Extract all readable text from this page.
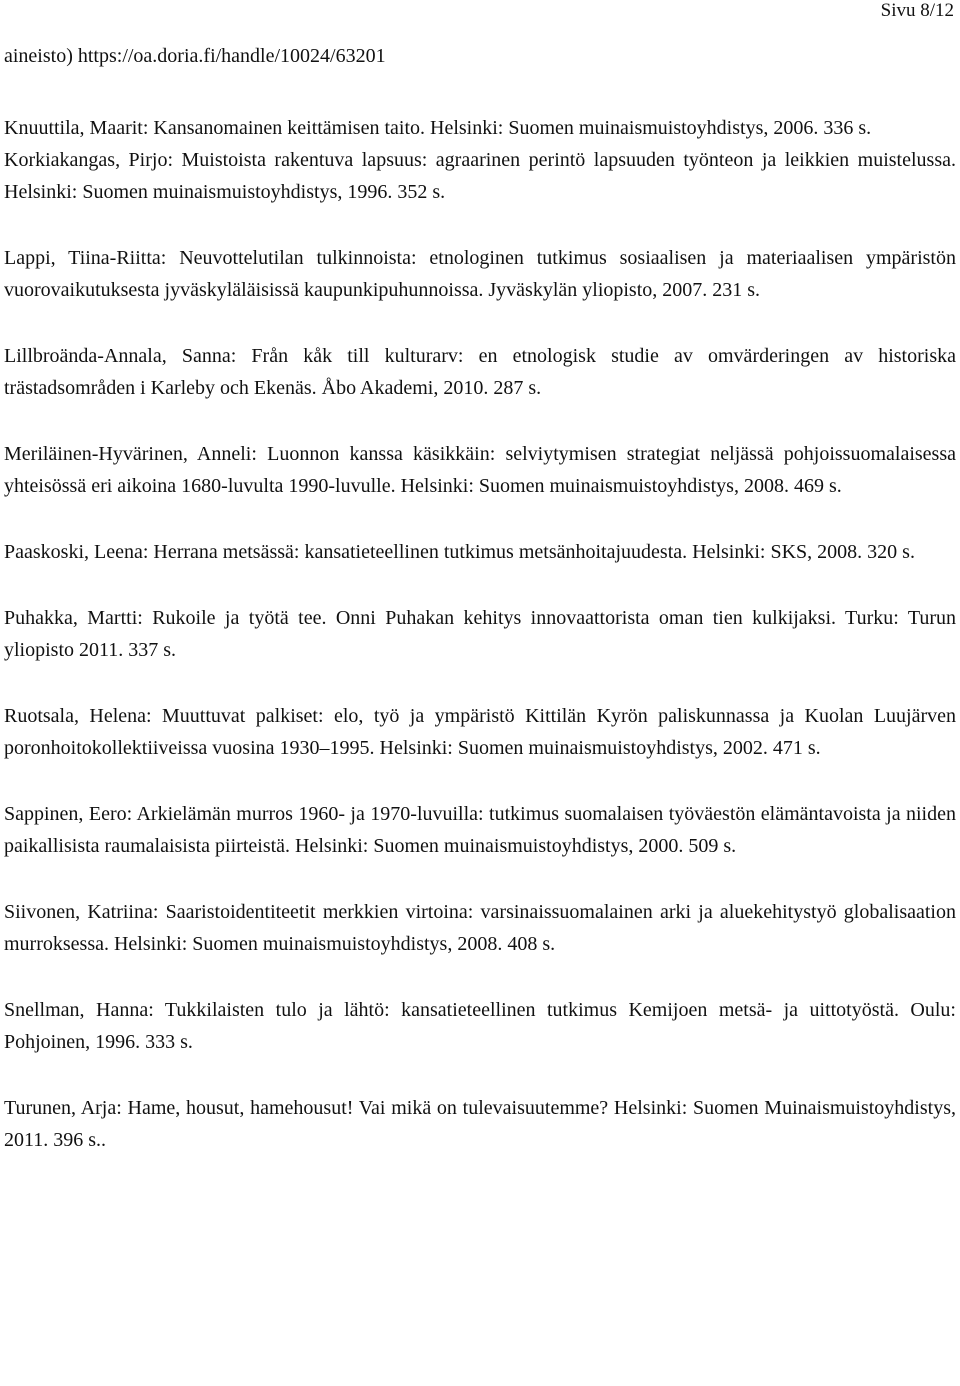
Sivu 8/12

aineisto) https://oa.doria.fi/handle/10024/63201

Knuuttila, Maarit: Kansanomainen keittämisen taito. Helsinki: Suomen muinaismuistoyhdistys, 2006. 336 s.

Korkiakangas, Pirjo: Muistoista rakentuva lapsuus: agraarinen perintö lapsuuden työnteon ja leikkien muistelussa. Helsinki: Suomen muinaismuistoyhdistys, 1996. 352 s.

Lappi, Tiina-Riitta: Neuvottelutilan tulkinnoista: etnologinen tutkimus sosiaalisen ja materiaalisen ympäristön vuorovaikutuksesta jyväskyläläisissä kaupunkipuhunnoissa. Jyväskylän yliopisto, 2007. 231 s.

Lillbroända-Annala, Sanna: Från kåk till kulturarv: en etnologisk studie av omvärderingen av historiska trästadsområden i Karleby och Ekenäs. Åbo Akademi, 2010. 287 s.

Meriläinen-Hyvärinen, Anneli: Luonnon kanssa käsikkäin: selviytymisen strategiat neljässä pohjoissuomalaisessa yhteisössä eri aikoina 1680-luvulta 1990-luvulle. Helsinki: Suomen muinaismuistoyhdistys, 2008. 469 s.

Paaskoski, Leena: Herrana metsässä: kansatieteellinen tutkimus metsänhoitajuudesta. Helsinki: SKS, 2008. 320 s.

Puhakka, Martti: Rukoile ja työtä tee. Onni Puhakan kehitys innovaattorista oman tien kulkijaksi. Turku: Turun yliopisto 2011. 337 s.

Ruotsala, Helena: Muuttuvat palkiset: elo, työ ja ympäristö Kittilän Kyrön paliskunnassa ja Kuolan Luujärven poronhoitokollektiiveissa vuosina 1930–1995. Helsinki: Suomen muinaismuistoyhdistys, 2002. 471 s.

Sappinen, Eero: Arkielämän murros 1960- ja 1970-luvuilla: tutkimus suomalaisen työväestön elämäntavoista ja niiden paikallisista raumalaisista piirteistä. Helsinki: Suomen muinaismuistoyhdistys, 2000. 509 s.

Siivonen, Katriina: Saaristoidentiteetit merkkien virtoina: varsinaissuomalainen arki ja aluekehitystyö globalisaation murroksessa. Helsinki: Suomen muinaismuistoyhdistys, 2008. 408 s.

Snellman, Hanna: Tukkilaisten tulo ja lähtö: kansatieteellinen tutkimus Kemijoen metsä- ja uittotyöstä. Oulu: Pohjoinen, 1996. 333 s.

Turunen, Arja: Hame, housut, hamehousut! Vai mikä on tulevaisuutemme? Helsinki: Suomen Muinaismuistoyhdistys, 2011. 396 s..
